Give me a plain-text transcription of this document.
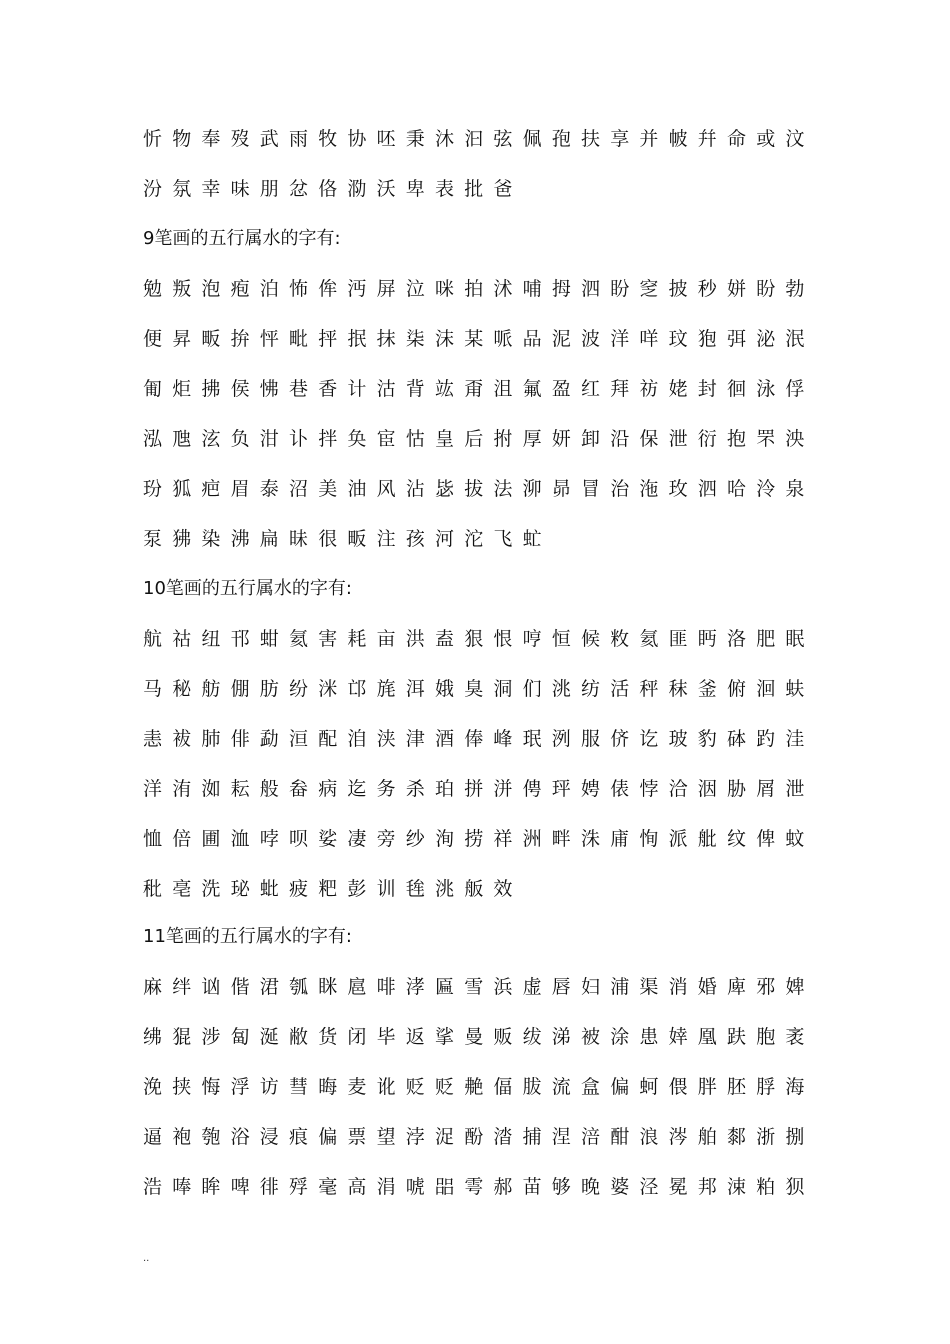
忻物奉歿武雨牧协呸秉沐汩弦佩孢扶享并帔幷命或汶
汾氛幸味朋忿佫泐沃卑表批爸
9笔画的五行属水的字有:
勉叛泡疱泊怖侔沔屏泣咪拍沭哺拇泗盼窆披秒姘盼勃
便昇畈拚怦毗抨抿抹柒沫某哌品泥波洋咩玟狍弭泌泯
匍炬拂侯怫巷香计沽背竑甭沮氟盈红拜祊姥封徊泳俘
泓虺泫负泔讣拌奂宦怙皇后拊厚妍卸沿保泄衍抱罘泱
玢狐疤眉泰沼美油风沾毖拔法泖昴冒治沲玫泗哈泠泉
泵狒染沸扁昧很畈注孩河沱飞虻
10笔画的五行属水的字有:
航祜纽邗蚶氦害耗亩洪盍狠恨哼恒候敉氦匪眄洛肥眠
马秘舫倗肪纷洣邙旄洱娥臭洞们洮纺活秤秣釜俯洄蚨
恚袚肺俳勐洹配洎浃津酒俸峰珉洌服侪讫玻豹砵趵洼
洋洧洳耘般畚病迄务杀珀拼洴俜玶娉俵悖洽洇胁屑泄
恤倍圃洫哱呗娑凄旁纱洵捞祥洲畔洙庯恂派舭纹俾蚊
秕亳洗珌蚍疲粑彭训毪洮舨效
11笔画的五行属水的字有:
麻绊讻偕涒瓠眯扈啡涍匾雪浜虚唇妇浦渠消婚庳邪婢
绋猑涉匐涎敝货闭毕返挲曼贩绂涕被涂患婞凰趺胞袤
浼挟悔浮访彗晦麦讹贬贬艴偪胈流盒偏蚵偎胖胚脬海
逼袍匏浴浸痕偏票望浡浞酚涾捕涅涪酣浪涔舶䣛浙捌
浩唪眸啤徘殍毫高涓唬㗊雩郝苗够晚婆泾冕邦涑粕狈
..
